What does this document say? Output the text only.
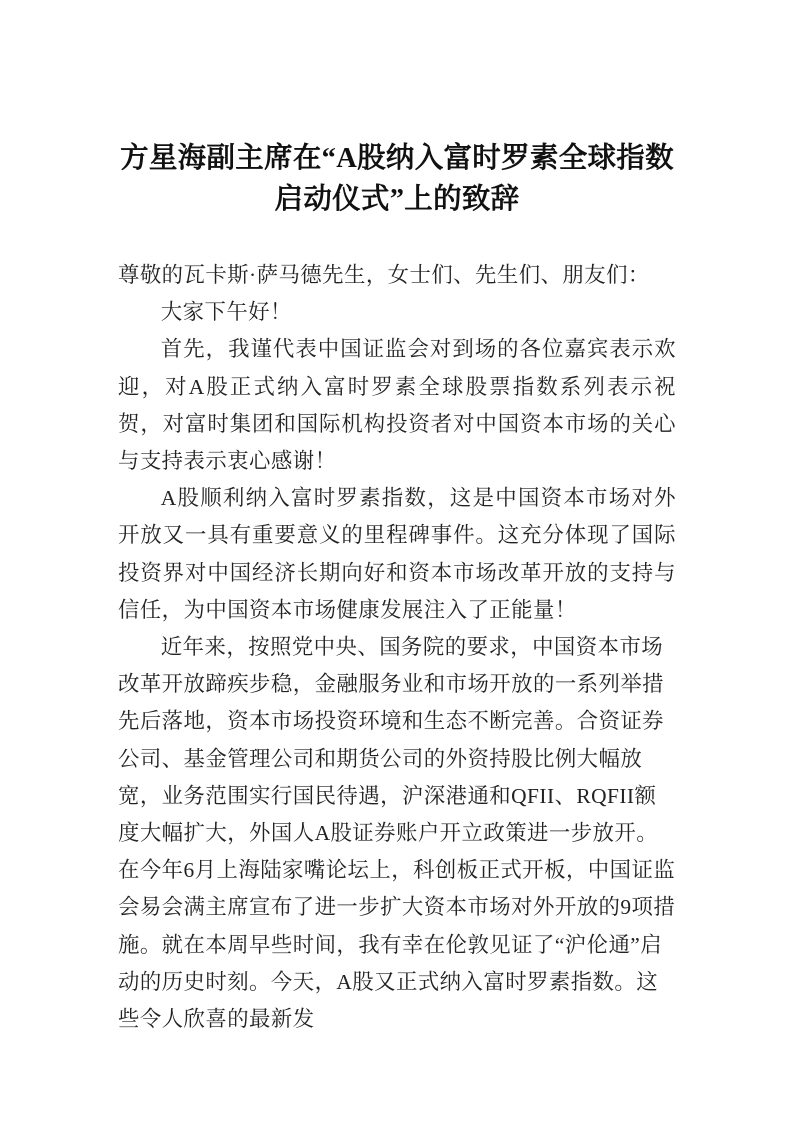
方星海副主席在“A股纳入富时罗素全球指数启动仪式”上的致辞

尊敬的瓦卡斯·萨马德先生，女士们、先生们、朋友们：

大家下午好！

首先，我谨代表中国证监会对到场的各位嘉宾表示欢迎，对A股正式纳入富时罗素全球股票指数系列表示祝贺，对富时集团和国际机构投资者对中国资本市场的关心与支持表示衷心感谢！

A股顺利纳入富时罗素指数，这是中国资本市场对外开放又一具有重要意义的里程碑事件。这充分体现了国际投资界对中国经济长期向好和资本市场改革开放的支持与信任，为中国资本市场健康发展注入了正能量！

近年来，按照党中央、国务院的要求，中国资本市场改革开放蹄疾步稳，金融服务业和市场开放的一系列举措先后落地，资本市场投资环境和生态不断完善。合资证券公司、基金管理公司和期货公司的外资持股比例大幅放宽，业务范围实行国民待遇，沪深港通和QFII、RQFII额度大幅扩大，外国人A股证券账户开立政策进一步放开。在今年6月上海陆家嘴论坛上，科创板正式开板，中国证监会易会满主席宣布了进一步扩大资本市场对外开放的9项措施。就在本周早些时间，我有幸在伦敦见证了“沪伦通”启动的历史时刻。今天，A股又正式纳入富时罗素指数。这些令人欣喜的最新发
